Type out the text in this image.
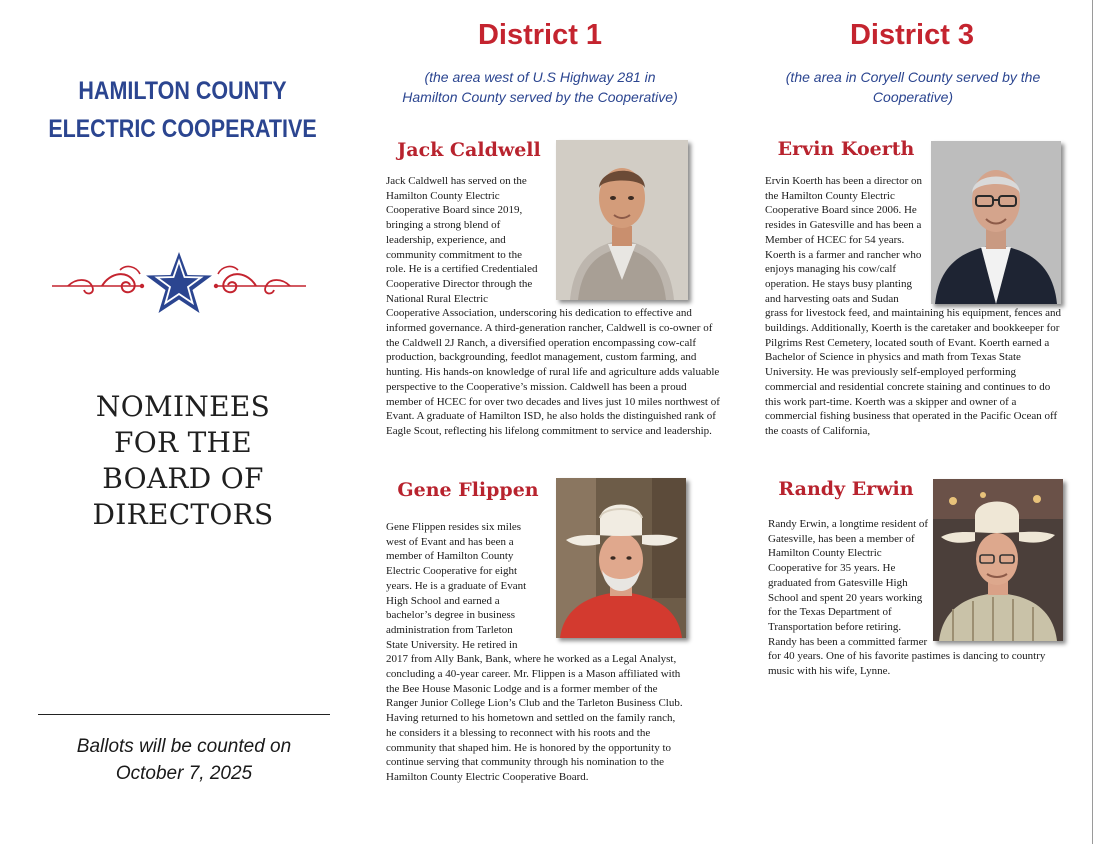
HAMILTON COUNTY
ELECTRIC COOPERATIVE
NOMINEES
FOR THE
BOARD OF
DIRECTORS
Ballots will be counted on
October 7, 2025
District 1
(the area west of U.S Highway 281 in
Hamilton County served by the Cooperative)
Jack Caldwell

Jack Caldwell has served on the Hamilton County Electric Cooperative Board since 2019, bringing a strong blend of leadership, experience, and community commitment to the role. He is a certified Credentialed Cooperative Director through the National Rural Electric Cooperative Association, underscoring his dedication to effective and informed governance. A third-generation rancher, Caldwell is co-owner of the Caldwell 2J Ranch, a diversified operation encompassing cow-calf production, backgrounding, feedlot management, custom farming, and hunting. His hands-on knowledge of rural life and agriculture adds valuable perspective to the Cooperative’s mission. Caldwell has been a proud member of HCEC for over two decades and lives just 10 miles northwest of Evant. A graduate of Hamilton ISD, he also holds the distinguished rank of Eagle Scout, reflecting his lifelong commitment to service and leadership.

Gene Flippen

Gene Flippen resides six miles west of Evant and has been a member of Hamilton County Electric Cooperative for eight years. He is a graduate of Evant High School and earned a bachelor’s degree in business administration from Tarleton State University. He retired in 2017 from Ally Bank, Bank, where he worked as a Legal Analyst, concluding a 40-year career. Mr. Flippen is a Mason affiliated with the Bee House Masonic Lodge and is a former member of the Ranger Junior College Lion’s Club and the Tarleton Business Club. Having returned to his hometown and settled on the family ranch, he considers it a blessing to reconnect with his roots and the community that shaped him. He is honored by the opportunity to continue serving that community through his nomination to the Hamilton County Electric Cooperative Board.

District 3
(the area in Coryell County served by the
Cooperative)
Ervin Koerth

Ervin Koerth has been a director on the Hamilton County Electric Cooperative Board since 2006. He resides in Gatesville and has been a Member of HCEC for 54 years. Koerth is a farmer and rancher who enjoys managing his cow/calf operation. He stays busy planting and harvesting oats and Sudan grass for livestock feed, and maintaining his equipment, fences and buildings. Additionally, Koerth is the caretaker and bookkeeper for Pilgrims Rest Cemetery, located south of Evant. Koerth earned a Bachelor of Science in physics and math from Texas State University. He was previously self-employed performing commercial and residential concrete staining and continues to do this work part-time. Koerth was a skipper and owner of a commercial fishing business that operated in the Pacific Ocean off the coasts of California,

Randy Erwin

Randy Erwin, a longtime resident of Gatesville, has been a member of Hamilton County Electric Cooperative for 35 years. He graduated from Gatesville High School and spent 20 years working for the Texas Department of Transportation before retiring. Randy has been a committed farmer for 40 years. One of his favorite pastimes is dancing to country music with his wife, Lynne.
